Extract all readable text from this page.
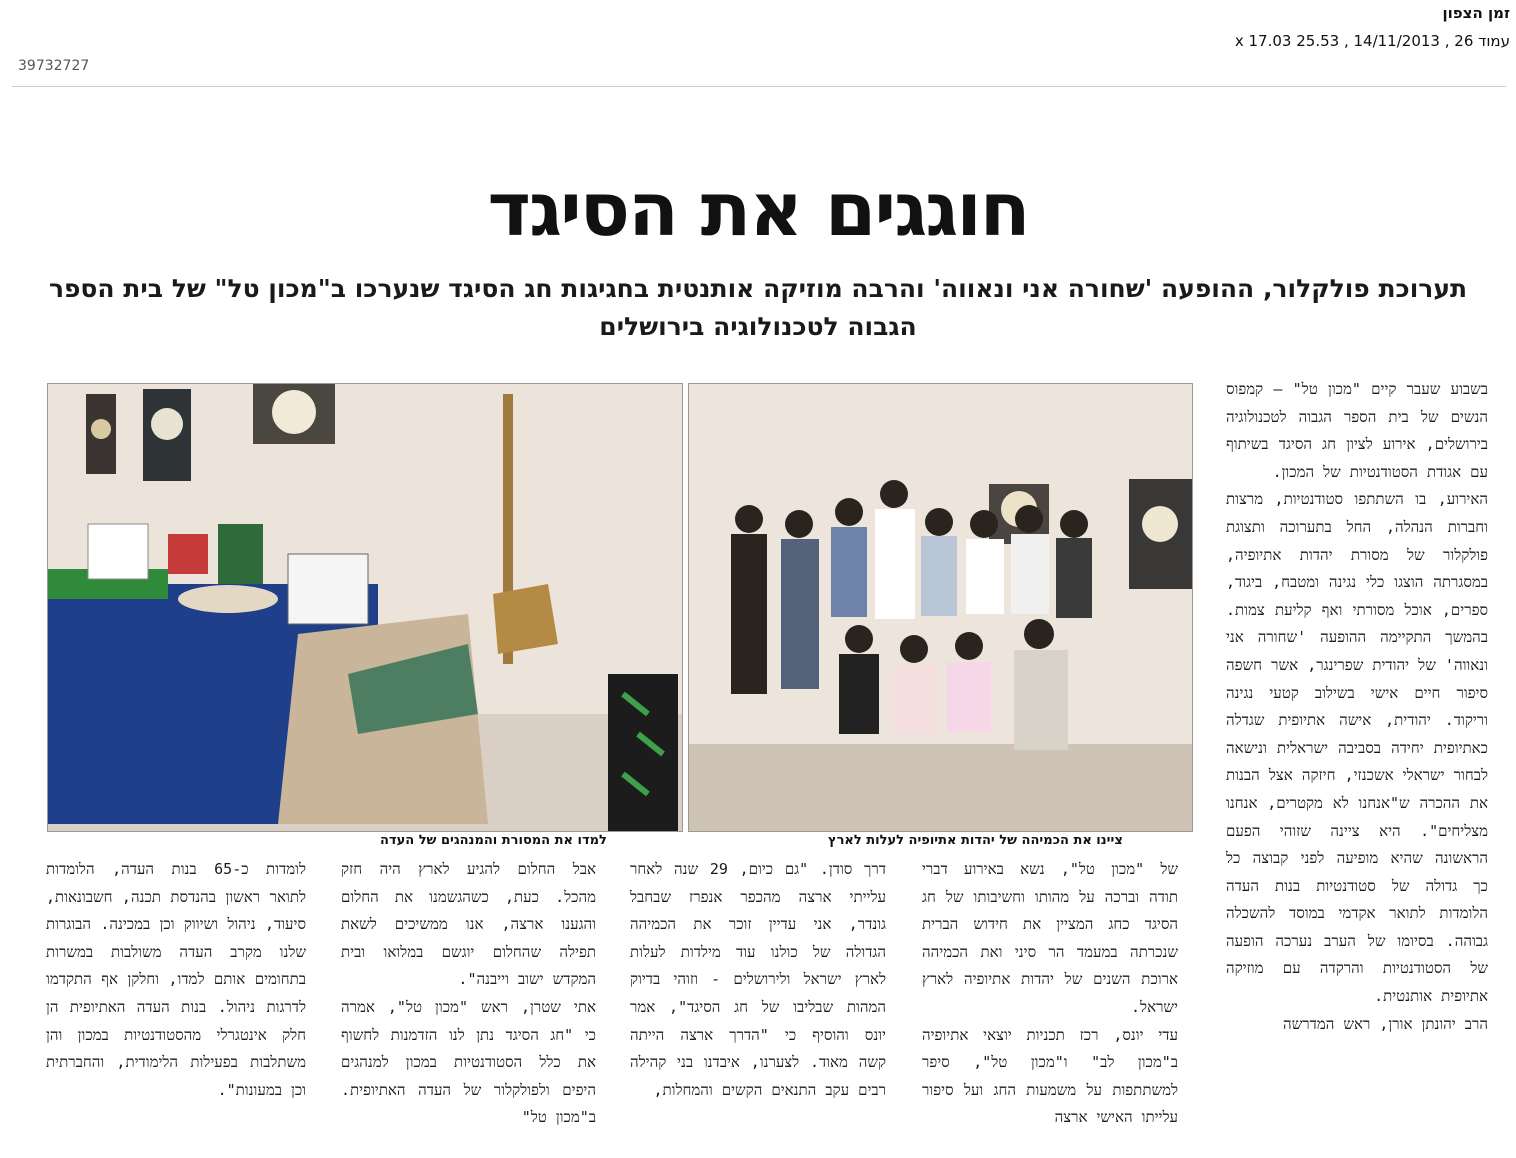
זמן הצפון
עמוד 26 , 14/11/2013 , 25.53 x 17.03
39732727
חוגגים את הסיגד
תערוכת פולקלור, ההופעה 'שחורה אני ונאווה' והרבה מוזיקה אותנטית בחגיגות חג הסיגד שנערכו ב"מכון טל" של בית הספר
הגבוה לטכנולוגיה בירושלים
למדו את המסורת והמנהגים של העדה	ציינו את הכמיהה של יהדות אתיופיה לעלות לארץ

בשבוע שעבר קיים "מכון טל" – קמפוס הנשים של בית הספר הגבוה לטכנולוגיה בירושלים, אירוע לציון חג הסיגד בשיתוף עם אגודת הסטודנטיות של המכון.

האירוע, בו השתתפו סטודנטיות, מרצות וחברות הנהלה, החל בתערוכה ותצוגת פולקלור של מסורת יהדות אתיופיה, במסגרתה הוצגו כלי נגינה ומטבח, ביגוד, ספרים, אוכל מסורתי ואף קליעת צמות. בהמשך התקיימה ההופעה 'שחורה אני ונאווה' של יהודית שפרינגר, אשר חשפה סיפור חיים אישי בשילוב קטעי נגינה וריקוד. יהודית, אישה אתיופית שגדלה כאתיופית יחידה בסביבה ישראלית ונישאה לבחור ישראלי אשכנזי, חיזקה אצל הבנות את ההכרה ש"אנחנו לא מקטרים, אנחנו מצליחים". היא ציינה שזוהי הפעם הראשונה שהיא מופיעה לפני קבוצה כל כך גדולה של סטודנטיות בנות העדה הלומדות לתואר אקדמי במוסד להשכלה גבוהה. בסיומו של הערב נערכה הופעה של הסטודנטיות והרקדה עם מוזיקה אתיופית אותנטית.

הרב יהונתן אורן, ראש המדרשה

של "מכון טל", נשא באירוע דברי תודה וברכה על מהותו וחשיבותו של חג הסיגד כחג המציין את חידוש הברית שנכרתה במעמד הר סיני ואת הכמיהה ארוכת השנים של יהדות אתיופיה לארץ ישראל.

עדי יונס, רכז תכניות יוצאי אתיופיה ב"מכון לב" ו"מכון טל", סיפר למשתתפות על משמעות החג ועל סיפור עלייתו האישי ארצה

דרך סודן. "גם כיום, 29 שנה לאחר עלייתי ארצה מהכפר אנפרז שבחבל גונדר, אני עדיין זוכר את הכמיהה הגדולה של כולנו עוד מילדות לעלות לארץ ישראל ולירושלים - וזוהי בדיוק המהות שבליבו של חג הסיגד", אמר יונס והוסיף כי "הדרך ארצה הייתה קשה מאוד. לצערנו, איבדנו בני קהילה רבים עקב התנאים הקשים והמחלות,

אבל החלום להגיע לארץ היה חזק מהכל. כעת, כשהגשמנו את החלום והגענו ארצה, אנו ממשיכים לשאת תפילה שהחלום יוגשם במלואו ובית המקדש ישוב וייבנה".

אתי שטרן, ראש "מכון טל", אמרה כי "חג הסיגד נתן לנו הזדמנות לחשוף את כלל הסטודנטיות במכון למנהגים היפים ולפולקלור של העדה האתיופית. ב"מכון טל"

לומדות כ-65 בנות העדה, הלומדות לתואר ראשון בהנדסת תכנה, חשבונאות, סיעוד, ניהול ושיווק וכן במכינה. הבוגרות שלנו מקרב העדה משולבות במשרות בתחומים אותם למדו, וחלקן אף התקדמו לדרגות ניהול. בנות העדה האתיופית הן חלק אינטגרלי מהסטודנטיות במכון והן משתלבות בפעילות הלימודית, והחברתית וכן במעונות".
